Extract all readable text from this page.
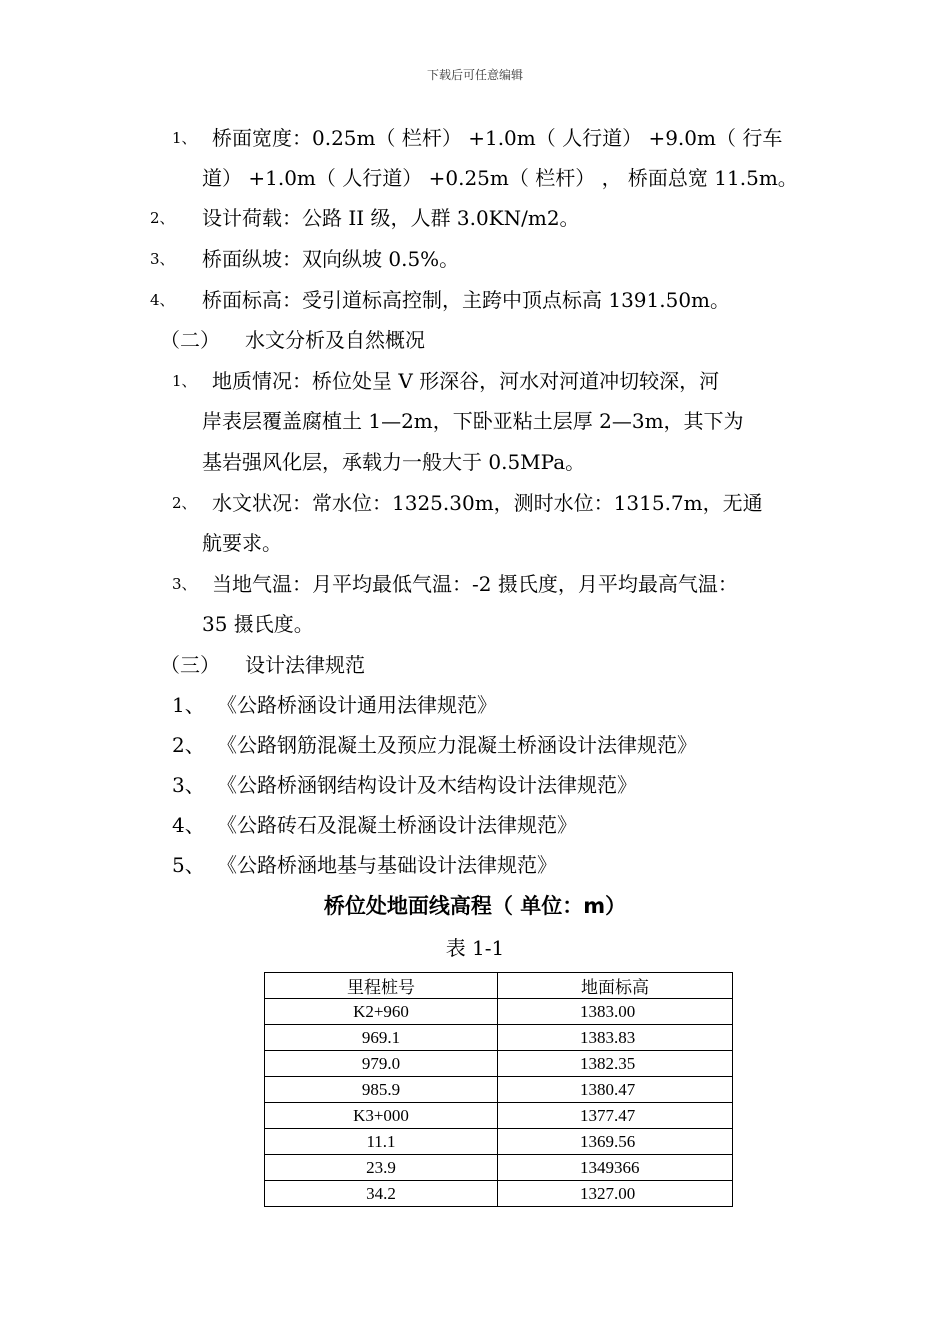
下载后可任意编辑
1、 桥面宽度：0.25m（ 栏杆） +1.0m（ 人行道） +9.0m（ 行车
道） +1.0m（ 人行道） +0.25m（ 栏杆） ， 桥面总宽 11.5m。
2、 设计荷载：公路 II 级，人群 3.0KN/m2。
3、 桥面纵坡：双向纵坡 0.5%。
4、 桥面标高：受引道标高控制，主跨中顶点标高 1391.50m。
（二） 水文分析及自然概况
1、 地质情况：桥位处呈 V 形深谷，河水对河道冲切较深，河
岸表层覆盖腐植土 1—2m，下卧亚粘土层厚 2—3m，其下为
基岩强风化层，承载力一般大于 0.5MPa。
2、 水文状况：常水位：1325.30m，测时水位：1315.7m，无通
航要求。
3、 当地气温：月平均最低气温：-2 摄氏度，月平均最高气温：
35 摄氏度。
（三） 设计法律规范
1、 《公路桥涵设计通用法律规范》
2、 《公路钢筋混凝土及预应力混凝土桥涵设计法律规范》
3、 《公路桥涵钢结构设计及木结构设计法律规范》
4、 《公路砖石及混凝土桥涵设计法律规范》
5、 《公路桥涵地基与基础设计法律规范》
桥位处地面线高程（ 单位：m）
表 1-1
里程桩号	地面标高
K2+960	1383.00
969.1	1383.83
979.0	1382.35
985.9	1380.47
K3+000	1377.47
11.1	1369.56
23.9	1349366
34.2	1327.00
